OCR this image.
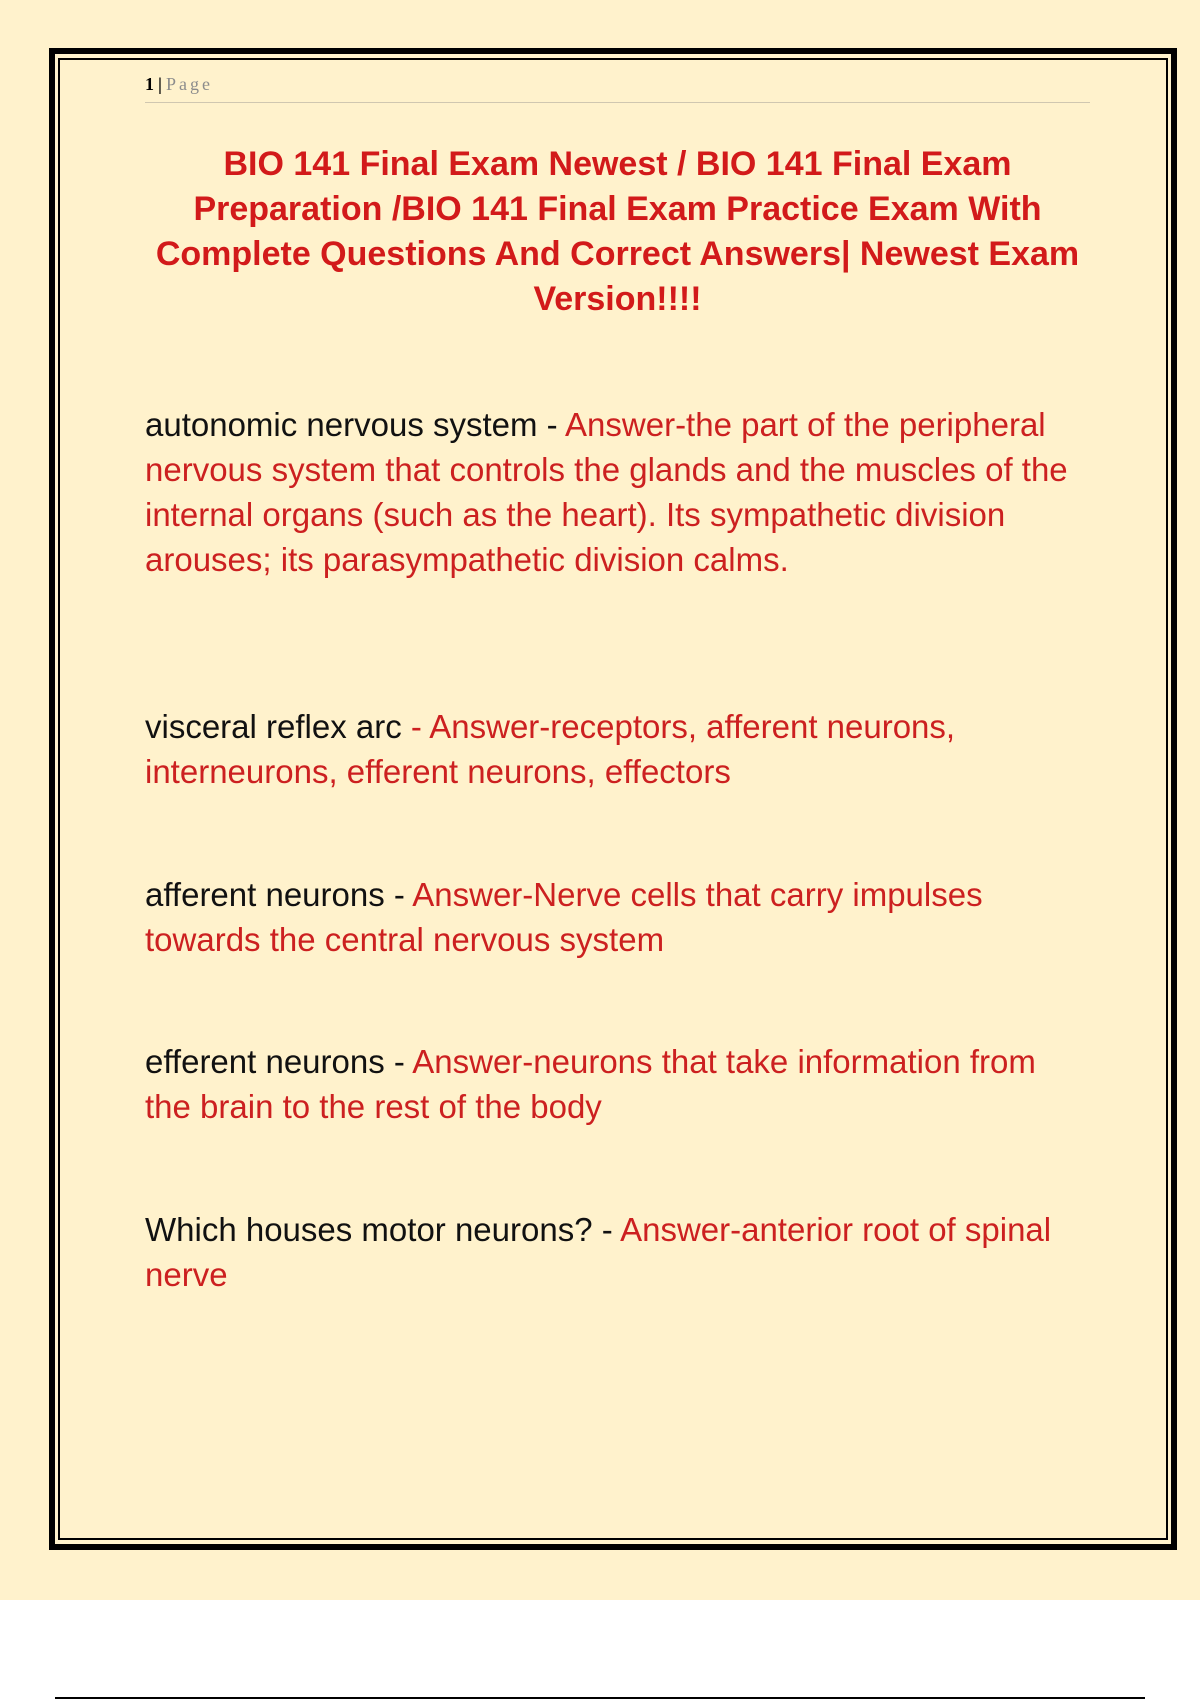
1 | Page
BIO 141 Final Exam Newest / BIO 141 Final Exam Preparation /BIO 141 Final Exam Practice Exam With Complete Questions And Correct Answers| Newest Exam Version!!!!
autonomic nervous system - Answer-the part of the peripheral nervous system that controls the glands and the muscles of the internal organs (such as the heart). Its sympathetic division arouses; its parasympathetic division calms.
visceral reflex arc - Answer-receptors, afferent neurons, interneurons, efferent neurons, effectors
afferent neurons - Answer-Nerve cells that carry impulses towards the central nervous system
efferent neurons - Answer-neurons that take information from the brain to the rest of the body
Which houses motor neurons? - Answer-anterior root of spinal nerve
